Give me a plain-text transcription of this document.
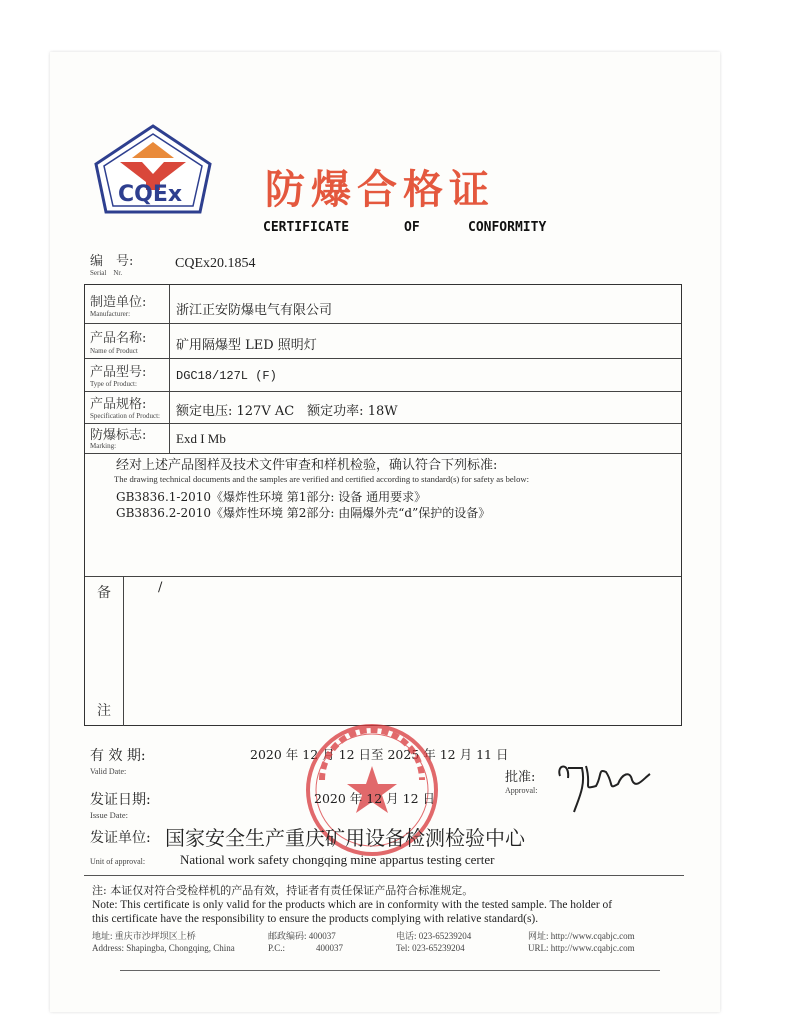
CQEx 防爆合格证
CERTIFICATE	OF	CONFORMITY
编　号:
Serial　Nr.
CQEx20.1854
制造单位:
Manufacturer:	浙江正安防爆电气有限公司
产品名称:
Name of Product	矿用隔爆型 LED 照明灯
产品型号:
Type of Product:
DGC18/127L (F)
产品规格:
Specification of Product: 额定电压: 127V AC　额定功率: 18W
防爆标志:
Marking:	Exd I Mb
经对上述产品图样及技术文件审查和样机检验，确认符合下列标准:
The drawing technical documents and the samples are verified and certified according to standard(s) for safety as below:
GB3836.1-2010《爆炸性环境 第1部分: 设备 通用要求》
GB3836.2-2010《爆炸性环境 第2部分: 由隔爆外壳“d”保护的设备》
备
注
/
有 效 期:
Valid Date:
2020 年 12 月 12 日至 2025 年 12 月 11 日
批准:
Approval:
发证日期:
Issue Date:
2020 年 12 月 12 日
发证单位:
Unit of approval:
国家安全生产重庆矿用设备检测检验中心
National work safety chongqing mine appartus testing certer
注: 本证仅对符合受检样机的产品有效，持证者有责任保证产品符合标准规定。
Note: This certificate is only valid for the products which are in conformity with the tested sample. The holder of
this certificate have the responsibility to ensure the products complying with relative standard(s).
地址: 重庆市沙坪坝区上桥
Address: Shapingba, Chongqing, China
邮政编码: 400037
P.C.:	400037
电话: 023-65239204
Tel: 023-65239204
网址: http://www.cqabjc.com
URL: http://www.cqabjc.com
